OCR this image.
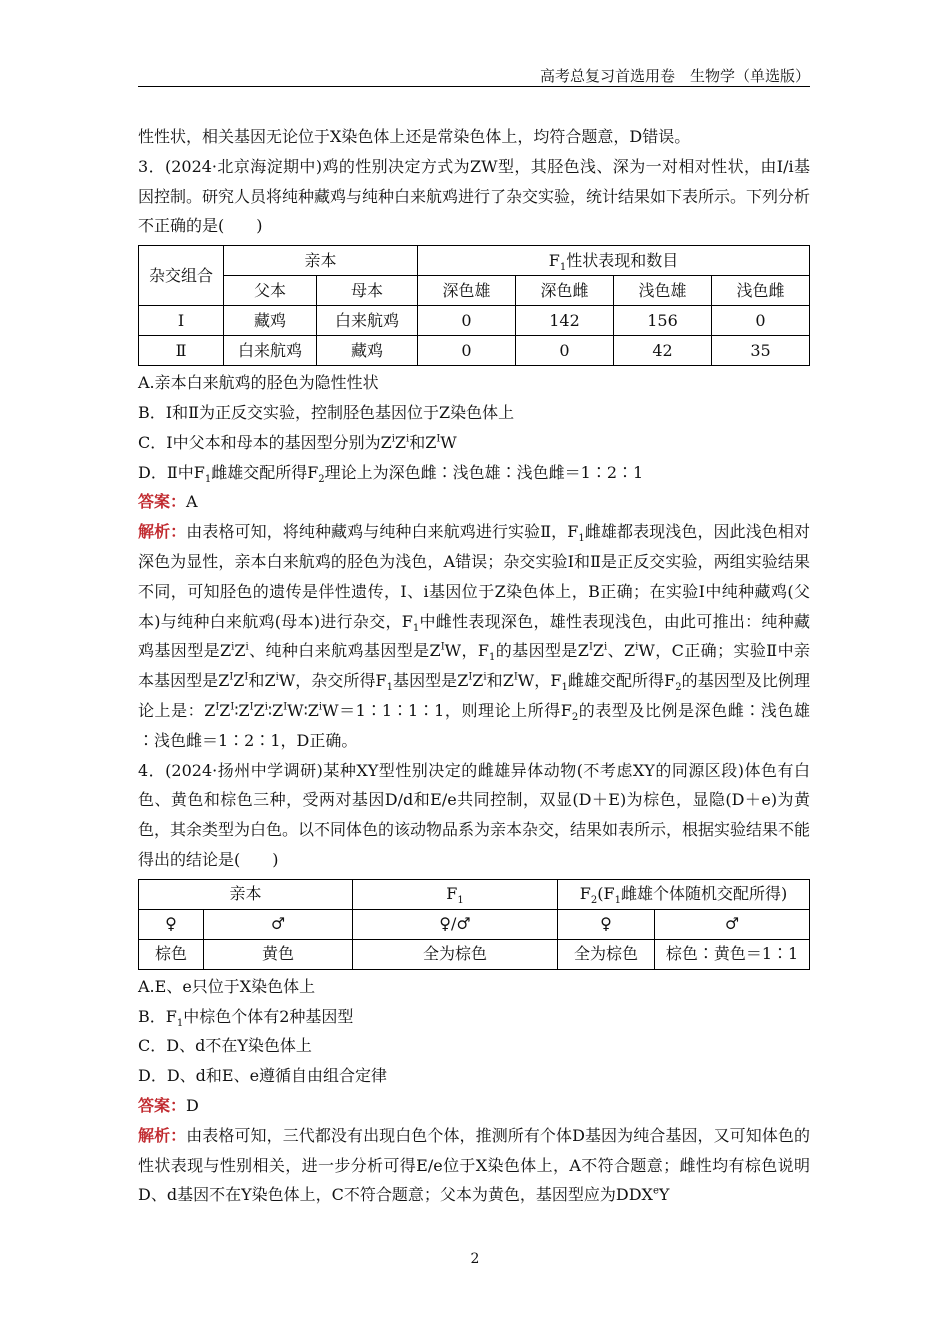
高考总复习首选用卷　生物学（单选版）

性性状，相关基因无论位于X染色体上还是常染色体上，均符合题意，D错误。

3．(2024·北京海淀期中)鸡的性别决定方式为ZW型，其胫色浅、深为一对相对性状，由I/i基因控制。研究人员将纯种藏鸡与纯种白来航鸡进行了杂交实验，统计结果如下表所示。下列分析不正确的是(　　)

杂交组合	亲本		$F_1$性状表现和数目			
	父本	母本	深色雄	深色雌	浅色雄	浅色雌
Ⅰ	藏鸡	白来航鸡	0	142	156	0
Ⅱ	白来航鸡	藏鸡	0	0	42	35

A.亲本白来航鸡的胫色为隐性性状

B．Ⅰ和Ⅱ为正反交实验，控制胫色基因位于Z染色体上

C．Ⅰ中父本和母本的基因型分别为$Z^iZ^i$和$Z^IW$

D．Ⅱ中$F_1$雌雄交配所得$F_2$理论上为深色雌∶浅色雄∶浅色雌＝1∶2∶1

答案：A

解析：由表格可知，将纯种藏鸡与纯种白来航鸡进行实验Ⅱ，$F_1$雌雄都表现浅色，因此浅色相对深色为显性，亲本白来航鸡的胫色为浅色，A错误；杂交实验Ⅰ和Ⅱ是正反交实验，两组实验结果不同，可知胫色的遗传是伴性遗传，I、i基因位于Z染色体上，B正确；在实验Ⅰ中纯种藏鸡(父本)与纯种白来航鸡(母本)进行杂交，$F_1$中雌性表现深色，雄性表现浅色，由此可推出：纯种藏鸡基因型是$Z^iZ^i$、纯种白来航鸡基因型是$Z^IW$，$F_1$的基因型是$Z^IZ^i$、$Z^iW$，C正确；实验Ⅱ中亲本基因型是$Z^IZ^I$和$Z^iW$，杂交所得$F_1$基因型是$Z^IZ^i$和$Z^IW$，$F_1$雌雄交配所得$F_2$的基因型及比例理论上是：$Z^IZ^I∶Z^IZ^i∶Z^IW∶Z^iW=1∶1∶1∶1$，则理论上所得$F_2$的表型及比例是深色雌∶浅色雄∶浅色雌＝1∶2∶1，D正确。

4．(2024·扬州中学调研)某种XY型性别决定的雌雄异体动物(不考虑XY的同源区段)体色有白色、黄色和棕色三种，受两对基因D/d和E/e共同控制，双显(D＋E)为棕色，显隐(D＋e)为黄色，其余类型为白色。以不同体色的该动物品系为亲本杂交，结果如表所示，根据实验结果不能得出的结论是(　　)

亲本		$F_1$	$F_2(F_1$雌雄个体随机交配所得)	
♀	♂	♀/♂	♀	♂
棕色	黄色	全为棕色	全为棕色	棕色∶黄色＝1∶1

A.E、e只位于X染色体上

B．$F_1$中棕色个体有2种基因型

C．D、d不在Y染色体上

D．D、d和E、e遵循自由组合定律

答案：D

解析：由表格可知，三代都没有出现白色个体，推测所有个体D基因为纯合基因，又可知体色的性状表现与性别相关，进一步分析可得E/e位于X染色体上，A不符合题意；雌性均有棕色说明D、d基因不在Y染色体上，C不符合题意；父本为黄色，基因型应为DDXeY

2
